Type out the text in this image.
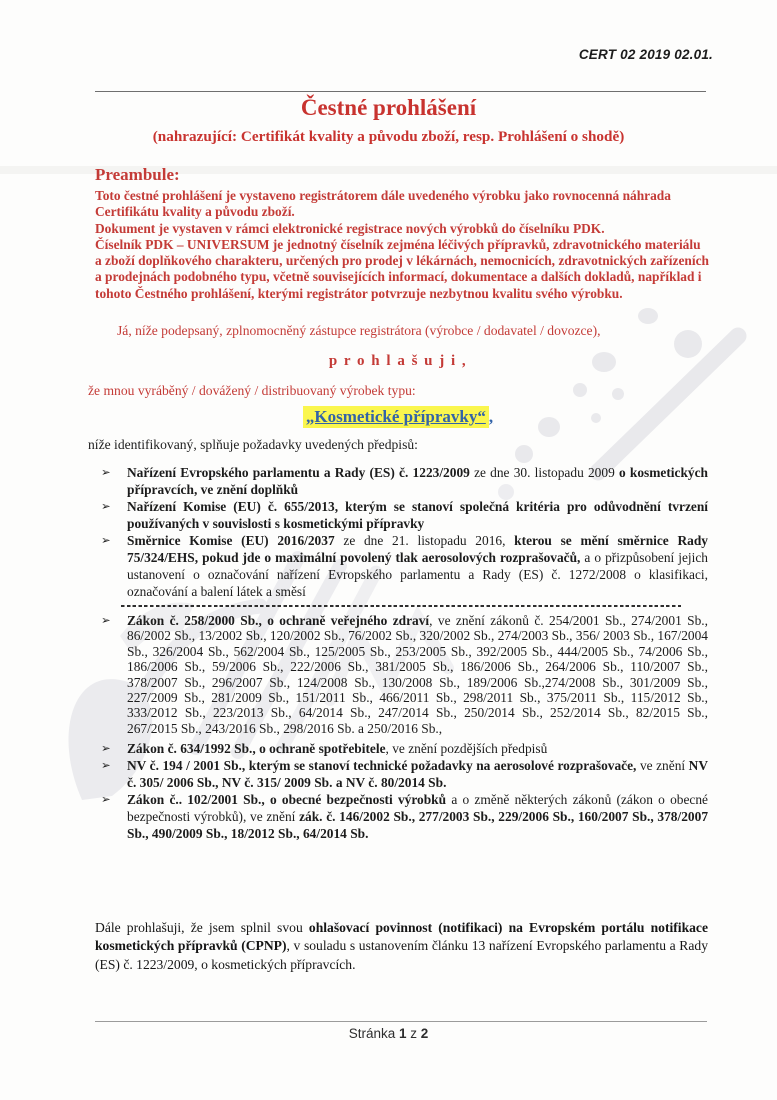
CERT 02 2019 02.01.
Čestné prohlášení
(nahrazující: Certifikát kvality a původu zboží, resp. Prohlášení o shodě)
Preambule:

Toto čestné prohlášení je vystaveno registrátorem dále uvedeného výrobku jako rovnocenná náhrada Certifikátu kvality a původu zboží.

Dokument je vystaven v rámci elektronické registrace nových výrobků do číselníku PDK.

Číselník PDK – UNIVERSUM je jednotný číselník zejména léčivých přípravků, zdravotnického materiálu a zboží doplňkového charakteru, určených pro prodej v lékárnách, nemocnicích, zdravotnických zařízeních a prodejnách podobného typu, včetně souvisejících informací, dokumentace a dalších dokladů, například i tohoto Čestného prohlášení, kterými registrátor potvrzuje nezbytnou kvalitu svého výrobku.

Já, níže podepsaný, zplnomocněný zástupce registrátora (výrobce / dodavatel / dovozce),

p r o h l a š u j i ,

že mnou vyráběný / dovážený / distribuovaný výrobek typu:

„Kosmetické přípravky“ ,

níže identifikovaný, splňuje požadavky uvedených předpisů:

➢	Nařízení Evropského parlamentu a Rady (ES) č. 1223/2009 ze dne 30. listopadu 2009 o kosmetických přípravcích, ve znění doplňků
➢	Nařízení Komise (EU) č. 655/2013, kterým se stanoví společná kritéria pro odůvodnění tvrzení používaných v souvislosti s kosmetickými přípravky
➢	Směrnice Komise (EU) 2016/2037 ze dne 21. listopadu 2016, kterou se mění směrnice Rady 75/324/EHS, pokud jde o maximální povolený tlak aerosolových rozprašovačů, a o přizpůsobení jejich ustanovení o označování nařízení Evropského parlamentu a Rady (ES) č. 1272/2008 o klasifikaci, označování a balení látek a směsí
➢	Zákon č. 258/2000 Sb., o ochraně veřejného zdraví, ve znění zákonů č. 254/2001 Sb., 274/2001 Sb., 86/2002 Sb., 13/2002 Sb., 120/2002 Sb., 76/2002 Sb., 320/2002 Sb., 274/2003 Sb., 356/ 2003 Sb., 167/2004 Sb., 326/2004 Sb., 562/2004 Sb., 125/2005 Sb., 253/2005 Sb., 392/2005 Sb., 444/2005 Sb., 74/2006 Sb., 186/2006 Sb., 59/2006 Sb., 222/2006 Sb., 381/2005 Sb., 186/2006 Sb., 264/2006 Sb., 110/2007 Sb., 378/2007 Sb., 296/2007 Sb., 124/2008 Sb., 130/2008 Sb., 189/2006 Sb.,274/2008 Sb., 301/2009 Sb., 227/2009 Sb., 281/2009 Sb., 151/2011 Sb., 466/2011 Sb., 298/2011 Sb., 375/2011 Sb., 115/2012 Sb., 333/2012 Sb., 223/2013 Sb., 64/2014 Sb., 247/2014 Sb., 250/2014 Sb., 252/2014 Sb., 82/2015 Sb., 267/2015 Sb., 243/2016 Sb., 298/2016 Sb. a 250/2016 Sb.,
➢	Zákon č. 634/1992 Sb., o ochraně spotřebitele, ve znění pozdějších předpisů
➢	NV č. 194 / 2001 Sb., kterým se stanoví technické požadavky na aerosolové rozprašovače, ve znění NV č. 305/ 2006 Sb., NV č. 315/ 2009 Sb. a NV č. 80/2014 Sb.
➢	Zákon č.. 102/2001 Sb., o obecné bezpečnosti výrobků a o změně některých zákonů (zákon o obecné bezpečnosti výrobků), ve znění zák. č. 146/2002 Sb., 277/2003 Sb., 229/2006 Sb., 160/2007 Sb., 378/2007 Sb., 490/2009 Sb., 18/2012 Sb., 64/2014 Sb.

Dále prohlašuji, že jsem splnil svou ohlašovací povinnost (notifikaci) na Evropském portálu notifikace kosmetických přípravků (CPNP), v souladu s ustanovením článku 13 nařízení Evropského parlamentu a Rady (ES) č. 1223/2009, o kosmetických přípravcích.

Stránka 1 z 2
